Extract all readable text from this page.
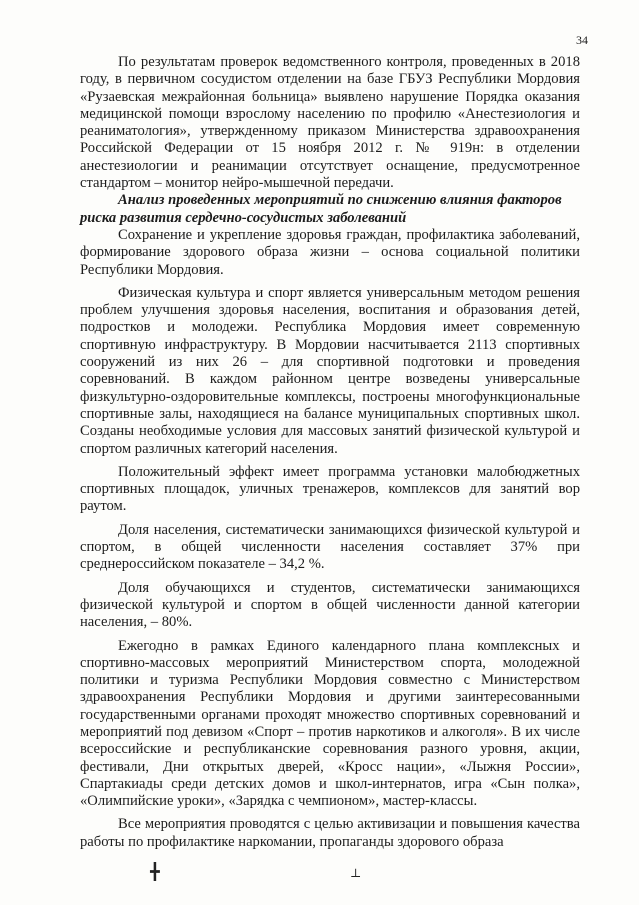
34

По результатам проверок ведомственного контроля, проведенных в 2018 году, в первичном сосудистом отделении на базе ГБУЗ Республики Мордовия «Рузаевская межрайонная больница» выявлено нарушение Порядка оказания медицинской помощи взрослому населению по профилю «Анестезиология и реаниматология», утвержденному приказом Министерства здравоохранения Российской Федерации от 15 ноября 2012 г. № 919н: в отделении анестезиологии и реанимации отсутствует оснащение, предусмотренное стандартом – монитор нейро-мышечной передачи.

Анализ проведенных мероприятий по снижению влияния факторов
риска развития сердечно-сосудистых заболеваний

Сохранение и укрепление здоровья граждан, профилактика заболеваний, формирование здорового образа жизни – основа социальной политики Республики Мордовия.

Физическая культура и спорт является универсальным методом решения проблем улучшения здоровья населения, воспитания и образования детей, подростков и молодежи. Республика Мордовия имеет современную спортивную инфраструктуру. В Мордовии насчитывается 2113 спортивных сооружений из них 26 – для спортивной подготовки и проведения соревнований. В каждом районном центре возведены универсальные физкультурно-оздоровительные комплексы, построены многофункциональные спортивные залы, находящиеся на балансе муниципальных спортивных школ. Созданы необходимые условия для массовых занятий физической культурой и спортом различных категорий населения.

Положительный эффект имеет программа установки малобюджетных спортивных площадок, уличных тренажеров, комплексов для занятий вор раутом.

Доля населения, систематически занимающихся физической культурой и спортом, в общей численности населения составляет 37% при среднероссийском показателе – 34,2 %.

Доля обучающихся и студентов, систематически занимающихся физической культурой и спортом в общей численности данной категории населения, – 80%.

Ежегодно в рамках Единого календарного плана комплексных и спортивно-массовых мероприятий Министерством спорта, молодежной политики и туризма Республики Мордовия совместно с Министерством здравоохранения Республики Мордовия и другими заинтересованными государственными органами проходят множество спортивных соревнований и мероприятий под девизом «Спорт – против наркотиков и алкоголя». В их числе всероссийские и республиканские соревнования разного уровня, акции, фестивали, Дни открытых дверей, «Кросс нации», «Лыжня России», Спартакиады среди детских домов и школ-интернатов, игра «Сын полка», «Олимпийские уроки», «Зарядка с чемпионом», мастер-классы.

Все мероприятия проводятся с целью активизации и повышения качества работы по профилактике наркомании, пропаганды здорового образа

╋	⊥
